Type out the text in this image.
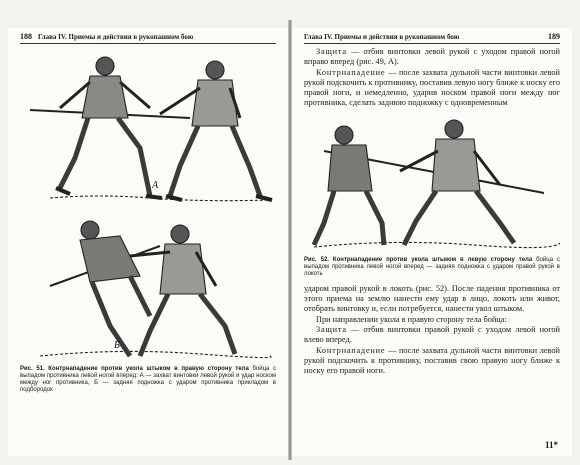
188 Глава IV. Приемы и действия в рукопашном бою
А
Б
Рис. 51. Контрнападение против укола штыком в правую сторону тела бойца с выпадом противника левой ногой вперед: А — захват винтовки левой рукой и удар носком между ног противника, Б — задняя подножка с ударом противника прикладом в подбородок
Глава IV. Приемы и действия в рукопашном бою	189

Защита — отбив винтовки левой рукой с уходом правой ногой вправо вперед (рис. 49, А).

Контрнападение — после захвата дульной части винтовки левой рукой подскочить к противнику, поставив левую ногу ближе к носку его правой ноги, и немедленно, ударив носком правой ноги между ног противника, сделать заднюю подножку с одновременным

Рис. 52. Контрнападение против укола штыком в левую сторону тела бойца с выпадом противника левой ногой вперед — задняя подножка с ударом правой рукой в локоть

ударом правой рукой в локоть (рис. 52). После падения противника от этого приема на землю нанести ему удар в лицо, локоть или живот, отобрать винтовку и, если потребуется, нанести укол штыком.

При направлении укола в правую сторону тела бойца:

Защита — отбив винтовки правой рукой с уходом левой ногой влево вперед.

Контрнападение — после захвата дульной части винтовки левой рукой подскочить к противнику, поставив свою правую ногу ближе к носку его правой ноги.

11*
